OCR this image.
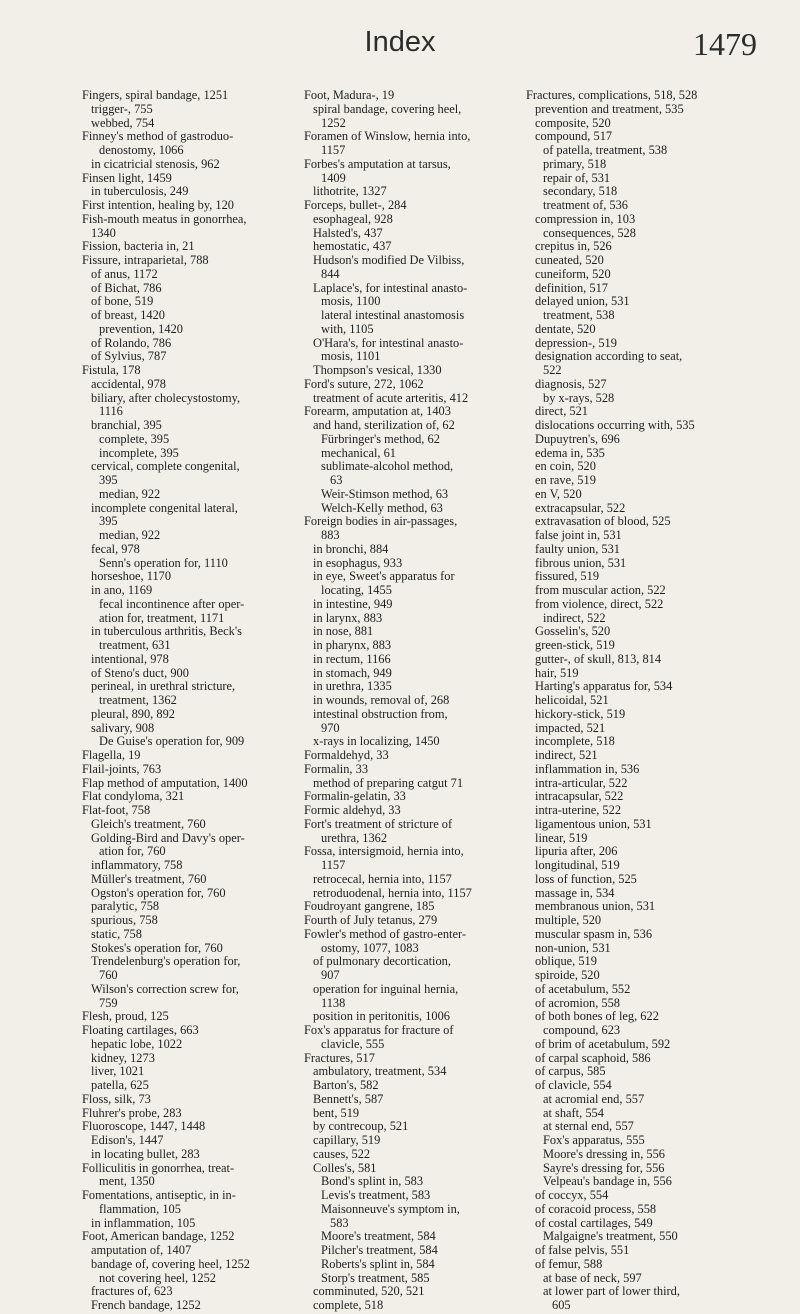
Index	1479
Fingers, spiral bandage, 1251
trigger-, 755
webbed, 754
Finney's method of gastroduo-
denostomy, 1066
in cicatricial stenosis, 962
Finsen light, 1459
in tuberculosis, 249
First intention, healing by, 120
Fish-mouth meatus in gonorrhea,
1340
Fission, bacteria in, 21
Fissure, intraparietal, 788
of anus, 1172
of Bichat, 786
of bone, 519
of breast, 1420
prevention, 1420
of Rolando, 786
of Sylvius, 787
Fistula, 178
accidental, 978
biliary, after cholecystostomy,
1116
branchial, 395
complete, 395
incomplete, 395
cervical, complete congenital,
395
median, 922
incomplete congenital lateral,
395
median, 922
fecal, 978
Senn's operation for, 1110
horseshoe, 1170
in ano, 1169
fecal incontinence after oper-
ation for, treatment, 1171
in tuberculous arthritis, Beck's
treatment, 631
intentional, 978
of Steno's duct, 900
perineal, in urethral stricture,
treatment, 1362
pleural, 890, 892
salivary, 908
De Guise's operation for, 909
Flagella, 19
Flail-joints, 763
Flap method of amputation, 1400
Flat condyloma, 321
Flat-foot, 758
Gleich's treatment, 760
Golding-Bird and Davy's oper-
ation for, 760
inflammatory, 758
Müller's treatment, 760
Ogston's operation for, 760
paralytic, 758
spurious, 758
static, 758
Stokes's operation for, 760
Trendelenburg's operation for,
760
Wilson's correction screw for,
759
Flesh, proud, 125
Floating cartilages, 663
hepatic lobe, 1022
kidney, 1273
liver, 1021
patella, 625
Floss, silk, 73
Fluhrer's probe, 283
Fluoroscope, 1447, 1448
Edison's, 1447
in locating bullet, 283
Folliculitis in gonorrhea, treat-
ment, 1350
Fomentations, antiseptic, in in-
flammation, 105
in inflammation, 105
Foot, American bandage, 1252
amputation of, 1407
bandage of, covering heel, 1252
not covering heel, 1252
fractures of, 623
French bandage, 1252
Foot, Madura-, 19
spiral bandage, covering heel,
1252
Foramen of Winslow, hernia into,
1157
Forbes's amputation at tarsus,
1409
lithotrite, 1327
Forceps, bullet-, 284
esophageal, 928
Halsted's, 437
hemostatic, 437
Hudson's modified De Vilbiss,
844
Laplace's, for intestinal anasto-
mosis, 1100
lateral intestinal anastomosis
with, 1105
O'Hara's, for intestinal anasto-
mosis, 1101
Thompson's vesical, 1330
Ford's suture, 272, 1062
treatment of acute arteritis, 412
Forearm, amputation at, 1403
and hand, sterilization of, 62
Fürbringer's method, 62
mechanical, 61
sublimate-alcohol method,
63
Weir-Stimson method, 63
Welch-Kelly method, 63
Foreign bodies in air-passages,
883
in bronchi, 884
in esophagus, 933
in eye, Sweet's apparatus for
locating, 1455
in intestine, 949
in larynx, 883
in nose, 881
in pharynx, 883
in rectum, 1166
in stomach, 949
in urethra, 1335
in wounds, removal of, 268
intestinal obstruction from,
970
x-rays in localizing, 1450
Formaldehyd, 33
Formalin, 33
method of preparing catgut 71
Formalin-gelatin, 33
Formic aldehyd, 33
Fort's treatment of stricture of
urethra, 1362
Fossa, intersigmoid, hernia into,
1157
retrocecal, hernia into, 1157
retroduodenal, hernia into, 1157
Foudroyant gangrene, 185
Fourth of July tetanus, 279
Fowler's method of gastro-enter-
ostomy, 1077, 1083
of pulmonary decortication,
907
operation for inguinal hernia,
1138
position in peritonitis, 1006
Fox's apparatus for fracture of
clavicle, 555
Fractures, 517
ambulatory, treatment, 534
Barton's, 582
Bennett's, 587
bent, 519
by contrecoup, 521
capillary, 519
causes, 522
Colles's, 581
Bond's splint in, 583
Levis's treatment, 583
Maisonneuve's symptom in,
583
Moore's treatment, 584
Pilcher's treatment, 584
Roberts's splint in, 584
Storp's treatment, 585
comminuted, 520, 521
complete, 518
Fractures, complications, 518, 528
prevention and treatment, 535
composite, 520
compound, 517
of patella, treatment, 538
primary, 518
repair of, 531
secondary, 518
treatment of, 536
compression in, 103
consequences, 528
crepitus in, 526
cuneated, 520
cuneiform, 520
definition, 517
delayed union, 531
treatment, 538
dentate, 520
depression-, 519
designation according to seat,
522
diagnosis, 527
by x-rays, 528
direct, 521
dislocations occurring with, 535
Dupuytren's, 696
edema in, 535
en coin, 520
en rave, 519
en V, 520
extracapsular, 522
extravasation of blood, 525
false joint in, 531
faulty union, 531
fibrous union, 531
fissured, 519
from muscular action, 522
from violence, direct, 522
indirect, 522
Gosselin's, 520
green-stick, 519
gutter-, of skull, 813, 814
hair, 519
Harting's apparatus for, 534
helicoidal, 521
hickory-stick, 519
impacted, 521
incomplete, 518
indirect, 521
inflammation in, 536
intra-articular, 522
intracapsular, 522
intra-uterine, 522
ligamentous union, 531
linear, 519
lipuria after, 206
longitudinal, 519
loss of function, 525
massage in, 534
membranous union, 531
multiple, 520
muscular spasm in, 536
non-union, 531
oblique, 519
spiroide, 520
of acetabulum, 552
of acromion, 558
of both bones of leg, 622
compound, 623
of brim of acetabulum, 592
of carpal scaphoid, 586
of carpus, 585
of clavicle, 554
at acromial end, 557
at shaft, 554
at sternal end, 557
Fox's apparatus, 555
Moore's dressing in, 556
Sayre's dressing for, 556
Velpeau's bandage in, 556
of coccyx, 554
of coracoid process, 558
of costal cartilages, 549
Malgaigne's treatment, 550
of false pelvis, 551
of femur, 588
at base of neck, 597
at lower part of lower third,
605
